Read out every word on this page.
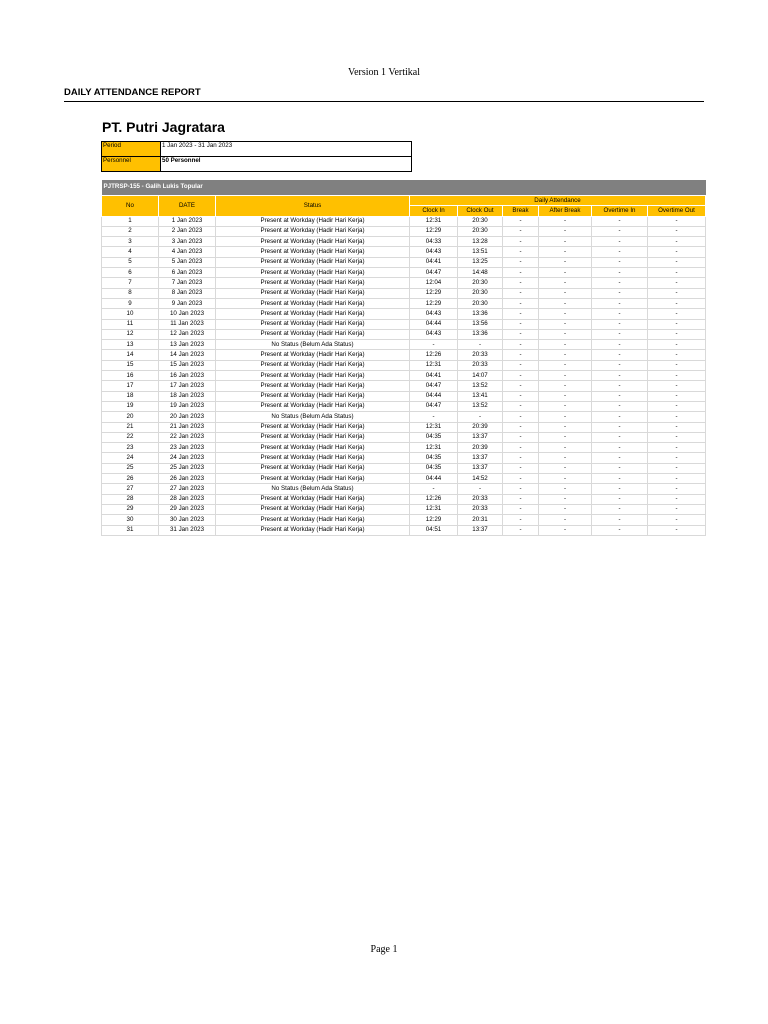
Version 1 Vertikal
DAILY ATTENDANCE REPORT
PT. Putri Jagratara
Period	1 Jan 2023 - 31 Jan 2023
Personnel	50 Personnel
PJTRSP-155 - Galih Lukis Topular								
No	DATE	Status	Daily Attendance					
			Clock In	Clock Out	Break	After Break	Overtime In	Overtime Out
1	1 Jan 2023	Present at Workday (Hadir Hari Kerja)	12:31	20:30	-	-	-	-
2	2 Jan 2023	Present at Workday (Hadir Hari Kerja)	12:29	20:30	-	-	-	-
3	3 Jan 2023	Present at Workday (Hadir Hari Kerja)	04:33	13:28	-	-	-	-
4	4 Jan 2023	Present at Workday (Hadir Hari Kerja)	04:43	13:51	-	-	-	-
5	5 Jan 2023	Present at Workday (Hadir Hari Kerja)	04:41	13:25	-	-	-	-
6	6 Jan 2023	Present at Workday (Hadir Hari Kerja)	04:47	14:48	-	-	-	-
7	7 Jan 2023	Present at Workday (Hadir Hari Kerja)	12:04	20:30	-	-	-	-
8	8 Jan 2023	Present at Workday (Hadir Hari Kerja)	12:29	20:30	-	-	-	-
9	9 Jan 2023	Present at Workday (Hadir Hari Kerja)	12:29	20:30	-	-	-	-
10	10 Jan 2023	Present at Workday (Hadir Hari Kerja)	04:43	13:36	-	-	-	-
11	11 Jan 2023	Present at Workday (Hadir Hari Kerja)	04:44	13:56	-	-	-	-
12	12 Jan 2023	Present at Workday (Hadir Hari Kerja)	04:43	13:36	-	-	-	-
13	13 Jan 2023	No Status (Belum Ada Status)	-	-	-	-	-	-
14	14 Jan 2023	Present at Workday (Hadir Hari Kerja)	12:26	20:33	-	-	-	-
15	15 Jan 2023	Present at Workday (Hadir Hari Kerja)	12:31	20:33	-	-	-	-
16	16 Jan 2023	Present at Workday (Hadir Hari Kerja)	04:41	14:07	-	-	-	-
17	17 Jan 2023	Present at Workday (Hadir Hari Kerja)	04:47	13:52	-	-	-	-
18	18 Jan 2023	Present at Workday (Hadir Hari Kerja)	04:44	13:41	-	-	-	-
19	19 Jan 2023	Present at Workday (Hadir Hari Kerja)	04:47	13:52	-	-	-	-
20	20 Jan 2023	No Status (Belum Ada Status)	-	-	-	-	-	-
21	21 Jan 2023	Present at Workday (Hadir Hari Kerja)	12:31	20:39	-	-	-	-
22	22 Jan 2023	Present at Workday (Hadir Hari Kerja)	04:35	13:37	-	-	-	-
23	23 Jan 2023	Present at Workday (Hadir Hari Kerja)	12:31	20:39	-	-	-	-
24	24 Jan 2023	Present at Workday (Hadir Hari Kerja)	04:35	13:37	-	-	-	-
25	25 Jan 2023	Present at Workday (Hadir Hari Kerja)	04:35	13:37	-	-	-	-
26	26 Jan 2023	Present at Workday (Hadir Hari Kerja)	04:44	14:52	-	-	-	-
27	27 Jan 2023	No Status (Belum Ada Status)	-	-	-	-	-	-
28	28 Jan 2023	Present at Workday (Hadir Hari Kerja)	12:26	20:33	-	-	-	-
29	29 Jan 2023	Present at Workday (Hadir Hari Kerja)	12:31	20:33	-	-	-	-
30	30 Jan 2023	Present at Workday (Hadir Hari Kerja)	12:29	20:31	-	-	-	-
31	31 Jan 2023	Present at Workday (Hadir Hari Kerja)	04:51	13:37	-	-	-	-
Page 1
